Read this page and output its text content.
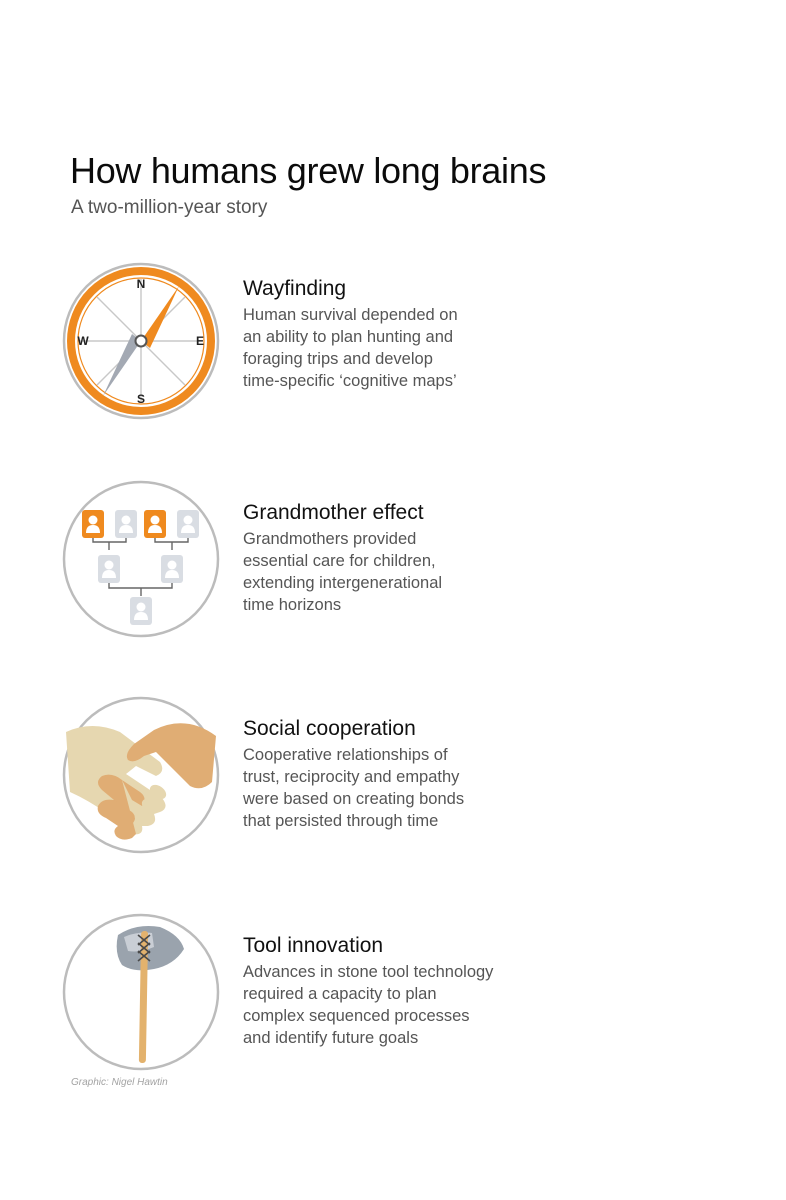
How humans grew long brains

A two-million-year story

N
S
W	E

Wayfinding

Human survival depended on
an ability to plan hunting and
foraging trips and develop
time-specific ‘cognitive maps’

Grandmother effect

Grandmothers provided
essential care for children,
extending intergenerational
time horizons

Social cooperation

Cooperative relationships of
trust, reciprocity and empathy
were based on creating bonds
that persisted through time

Tool innovation

Advances in stone tool technology
required a capacity to plan
complex sequenced processes
and identify future goals

Graphic: Nigel Hawtin
